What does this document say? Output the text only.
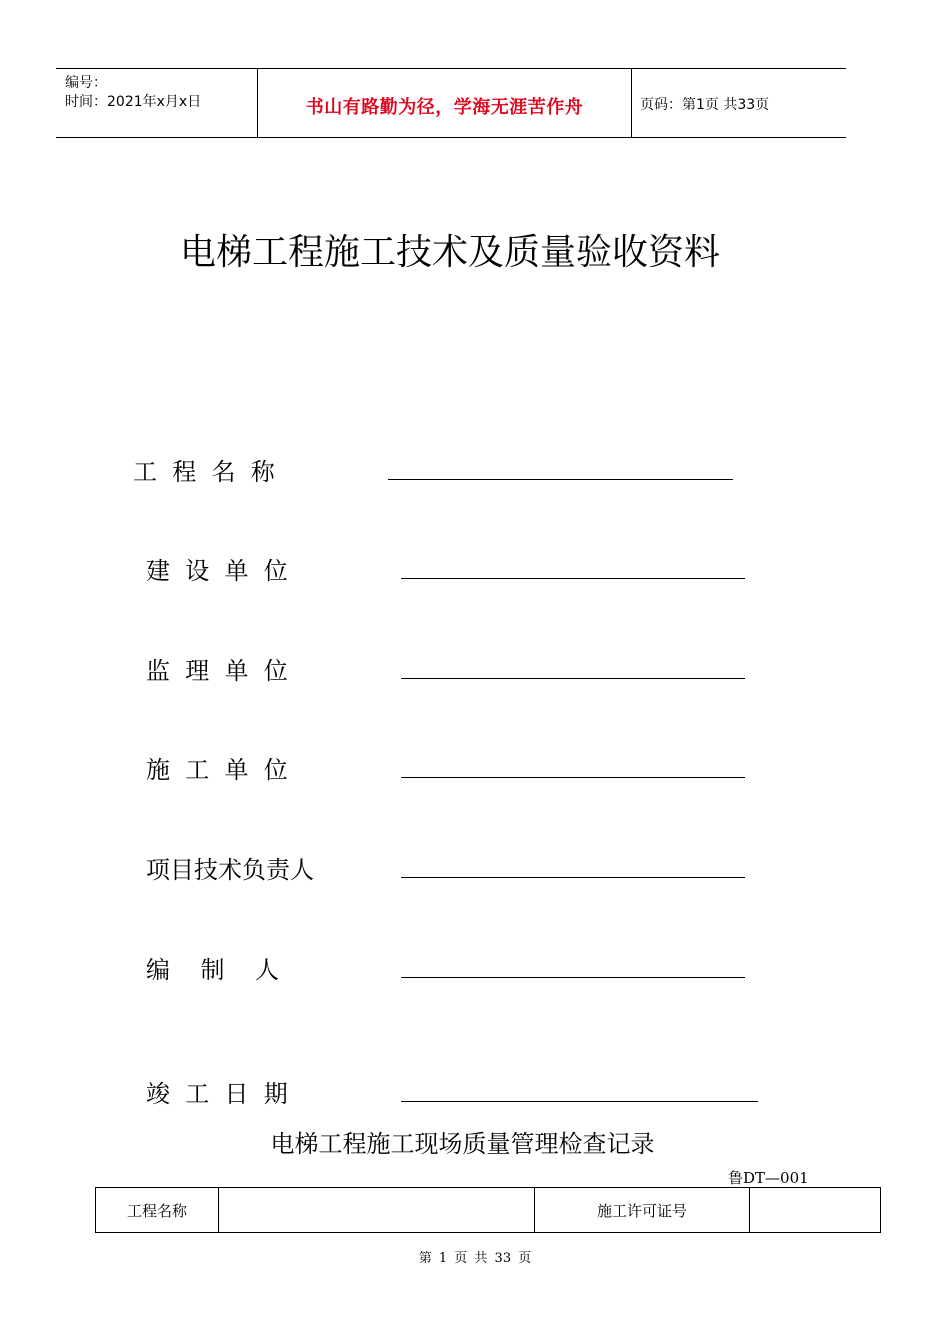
编号：
时间：2021年x月x日	书山有路勤为径，学海无涯苦作舟	页码：第1页 共33页
电梯工程施工技术及质量验收资料
工  程  名  称
建  设  单  位
监  理  单  位
施  工  单  位
项目技术负责人
编    制    人
竣  工  日  期
电梯工程施工现场质量管理检查记录
鲁DT—001
工程名称	施工许可证号
第 1 页 共 33 页
